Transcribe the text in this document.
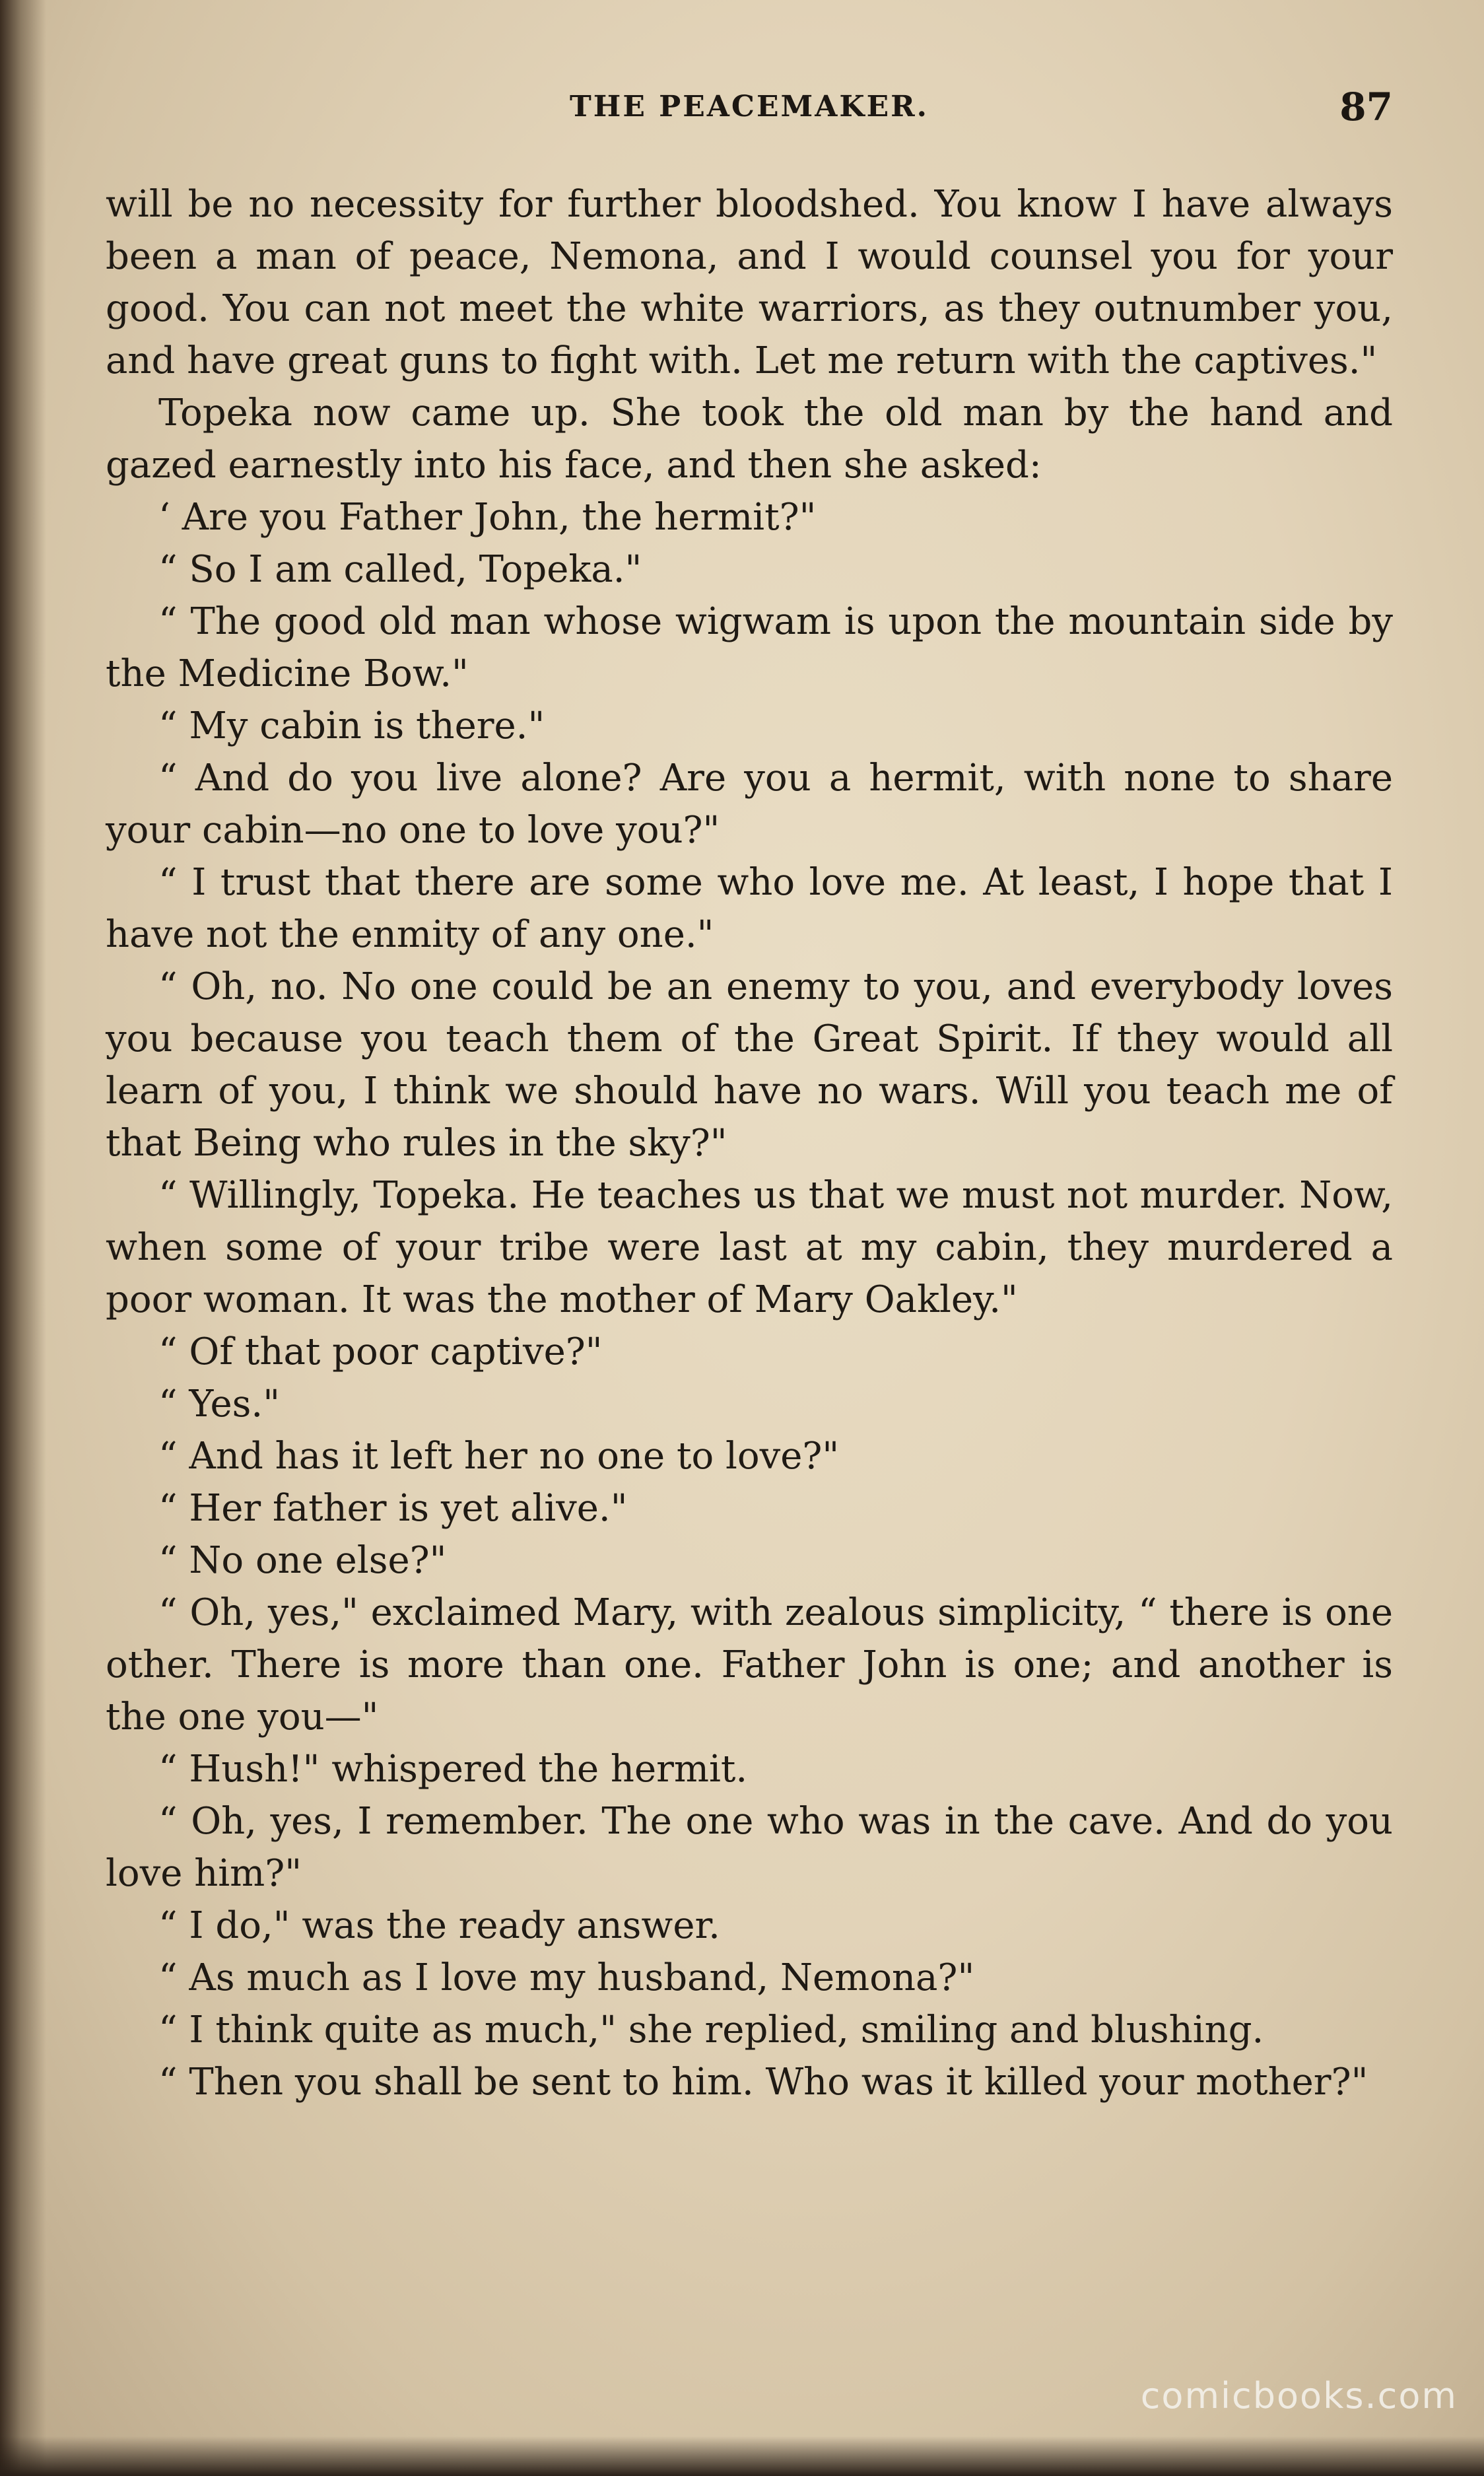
THE PEACEMAKER.	87

will be no necessity for further bloodshed. You know I have always been a man of peace, Nemona, and I would counsel you for your good. You can not meet the white warriors, as they outnumber you, and have great guns to fight with. Let me return with the captives."

Topeka now came up. She took the old man by the hand and gazed earnestly into his face, and then she asked:

‘ Are you Father John, the hermit?"

“ So I am called, Topeka."

“ The good old man whose wigwam is upon the mountain side by the Medicine Bow."

“ My cabin is there."

“ And do you live alone? Are you a hermit, with none to share your cabin—no one to love you?"

“ I trust that there are some who love me. At least, I hope that I have not the enmity of any one."

“ Oh, no. No one could be an enemy to you, and everybody loves you because you teach them of the Great Spirit. If they would all learn of you, I think we should have no wars. Will you teach me of that Being who rules in the sky?"

“ Willingly, Topeka. He teaches us that we must not murder. Now, when some of your tribe were last at my cabin, they murdered a poor woman. It was the mother of Mary Oakley."

“ Of that poor captive?"

“ Yes."

“ And has it left her no one to love?"

“ Her father is yet alive."

“ No one else?"

“ Oh, yes," exclaimed Mary, with zealous simplicity, “ there is one other. There is more than one. Father John is one; and another is the one you—"

“ Hush!" whispered the hermit.

“ Oh, yes, I remember. The one who was in the cave. And do you love him?"

“ I do," was the ready answer.

“ As much as I love my husband, Nemona?"

“ I think quite as much," she replied, smiling and blushing.

“ Then you shall be sent to him. Who was it killed your mother?"

comicbooks.com
